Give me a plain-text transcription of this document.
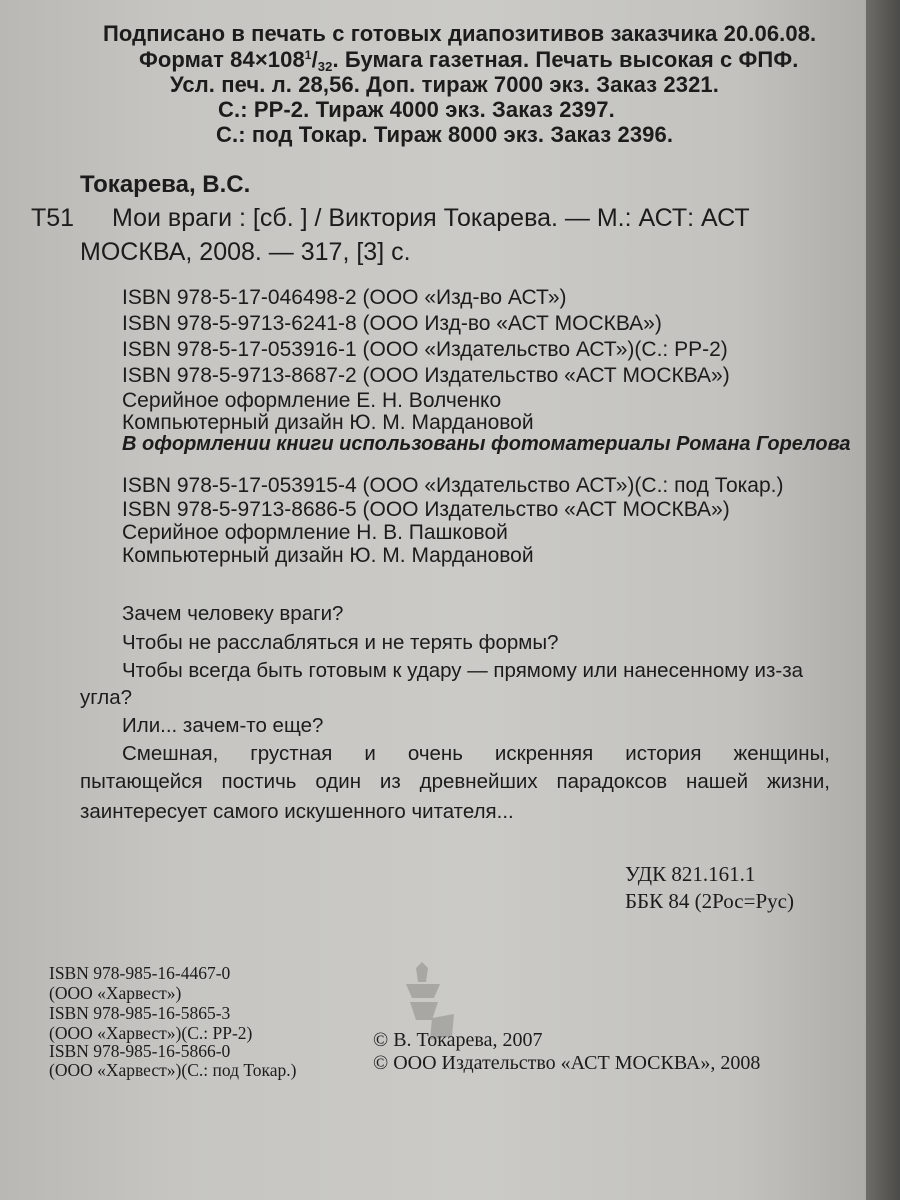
Подписано в печать с готовых диапозитивов заказчика 20.06.08.
Формат $84\times 108^1/32$. Бумага газетная. Печать высокая с ФПФ.
Усл. печ. л. 28,56. Доп. тираж 7000 экз. Заказ 2321.
С.: РР-2. Тираж 4000 экз. Заказ 2397.
С.: под Токар. Тираж 8000 экз. Заказ 2396.
Токарева, В.С.
Т51 Мои враги : [сб. ] / Виктория Токарева. — М.: АСТ: АСТ
МОСКВА, 2008. — 317, [3] с.
ISBN 978-5-17-046498-2 (ООО «Изд-во АСТ»)
ISBN 978-5-9713-6241-8 (ООО Изд-во «АСТ МОСКВА»)
ISBN 978-5-17-053916-1 (ООО «Издательство АСТ»)(С.: РР-2)
ISBN 978-5-9713-8687-2 (ООО Издательство «АСТ МОСКВА»)
Серийное оформление Е. Н. Волченко
Компьютерный дизайн Ю. М. Мардановой
В оформлении книги использованы фотоматериалы Романа Горелова
ISBN 978-5-17-053915-4 (ООО «Издательство АСТ»)(С.: под Токар.)
ISBN 978-5-9713-8686-5 (ООО Издательство «АСТ МОСКВА»)
Серийное оформление Н. В. Пашковой
Компьютерный дизайн Ю. М. Мардановой
Зачем человеку враги?
Чтобы не расслабляться и не терять формы?
Чтобы всегда быть готовым к удару — прямому или нанесенному из-за
угла?
Или... зачем-то еще?
Смешная, грустная и очень искренняя история женщины,
пытающейся постичь один из древнейших парадоксов нашей жизни,
заинтересует самого искушенного читателя...
УДК 821.161.1
ББК 84 (2Рос=Рус)
ISBN 978-985-16-4467-0
(ООО «Харвест»)
ISBN 978-985-16-5865-3
(ООО «Харвест»)(С.: РР-2)
ISBN 978-985-16-5866-0
(ООО «Харвест»)(С.: под Токар.)
© В. Токарева, 2007
© ООО Издательство «АСТ МОСКВА», 2008
